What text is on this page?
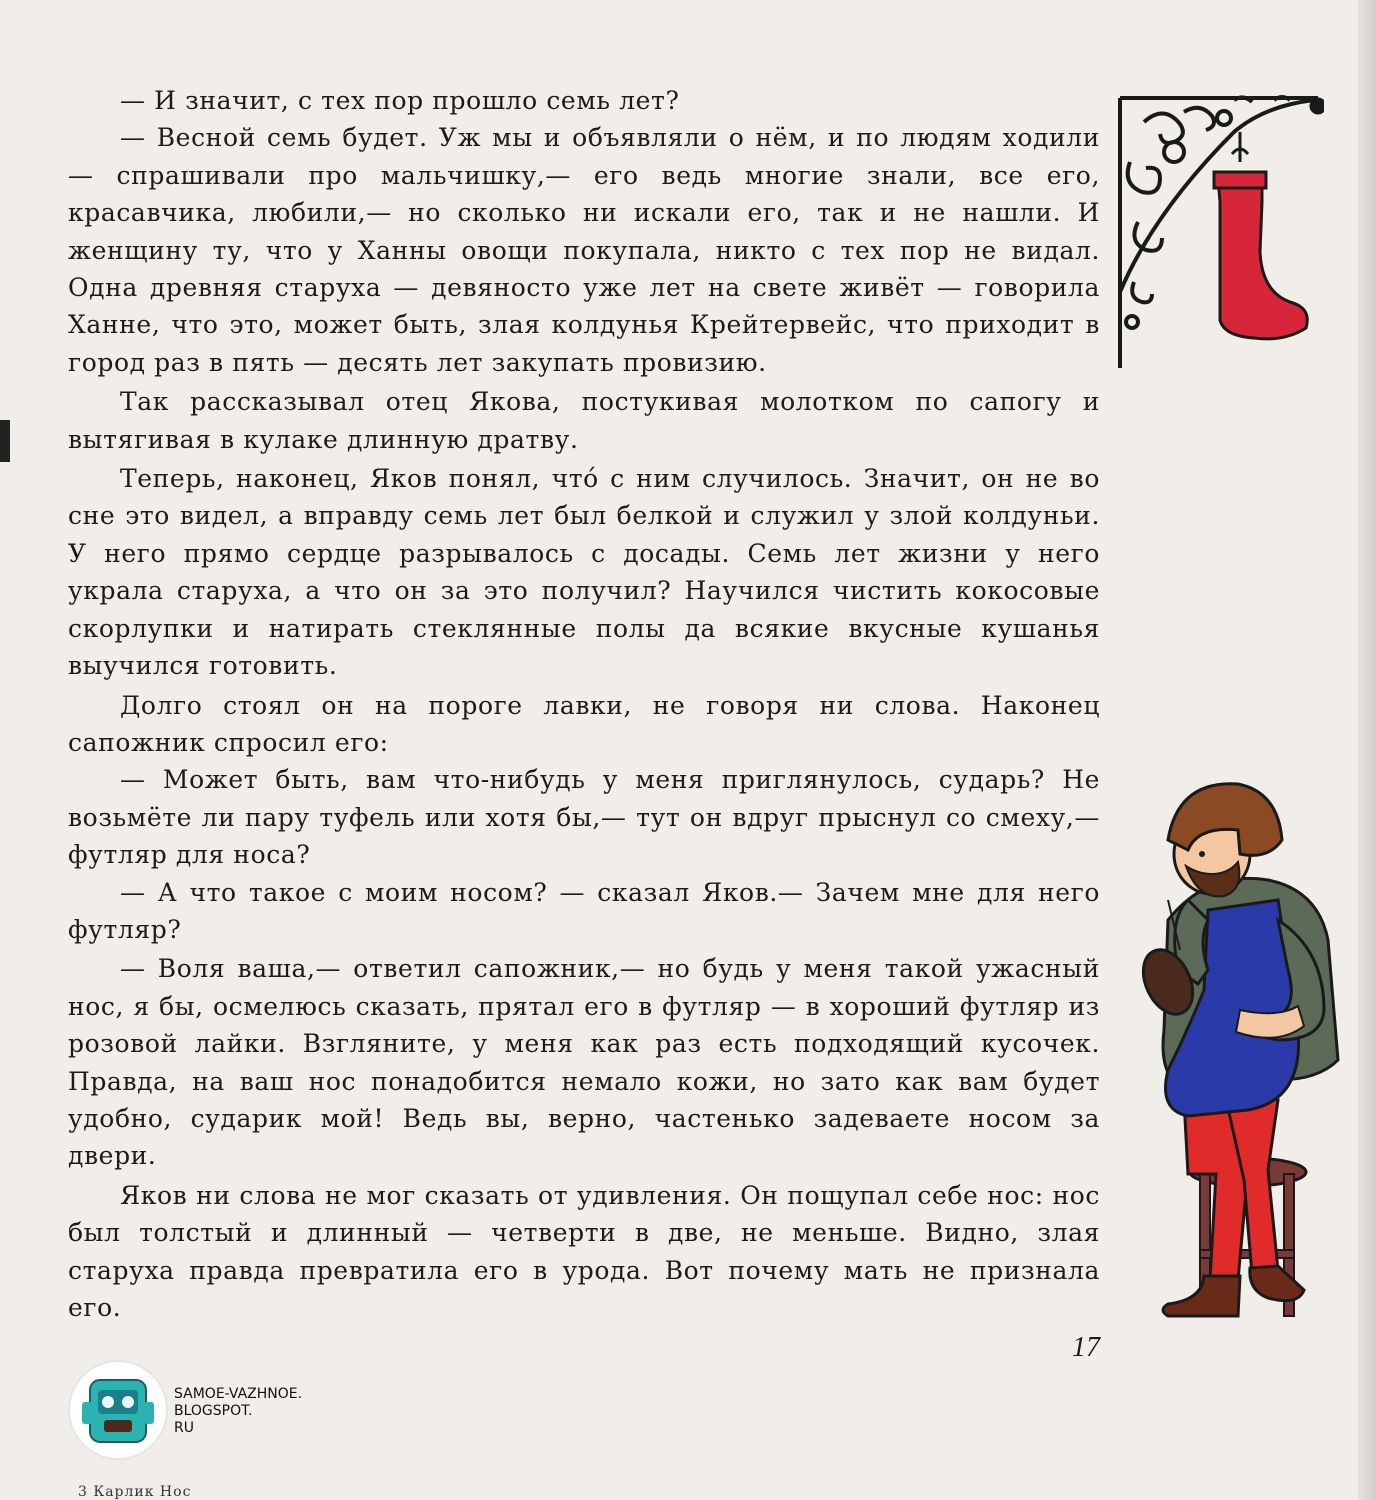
— И значит, с тех пор прошло семь лет?

— Весной семь будет. Уж мы и объявляли о нём, и по людям ходили — спрашивали про мальчишку,— его ведь многие знали, все его, красавчика, любили,— но сколько ни искали его, так и не нашли. И женщину ту, что у Ханны овощи покупала, никто с тех пор не видал. Одна древняя старуха — девяносто уже лет на свете живёт — говорила Ханне, что это, может быть, злая колдунья Крейтервейс, что приходит в город раз в пять — десять лет закупать провизию.

Так рассказывал отец Якова, постукивая молотком по сапогу и вытягивая в кулаке длинную дратву.

Теперь, наконец, Яков понял, что́ с ним случилось. Значит, он не во сне это видел, а вправду семь лет был белкой и служил у злой колдуньи. У него прямо сердце разрывалось с досады. Семь лет жизни у него украла старуха, а что он за это получил? Научился чистить кокосовые скорлупки и натирать стеклянные полы да всякие вкусные кушанья выучился готовить.

Долго стоял он на пороге лавки, не говоря ни слова. Наконец сапожник спросил его:

— Может быть, вам что-нибудь у меня приглянулось, сударь? Не возьмёте ли пару туфель или хотя бы,— тут он вдруг прыснул со смеху,— футляр для носа?

— А что такое с моим носом? — сказал Яков.— Зачем мне для него футляр?

— Воля ваша,— ответил сапожник,— но будь у меня такой ужасный нос, я бы, осмелюсь сказать, прятал его в футляр — в хороший футляр из розовой лайки. Взгляните, у меня как раз есть подходящий кусочек. Правда, на ваш нос понадобится немало кожи, но зато как вам будет удобно, сударик мой! Ведь вы, верно, частенько задеваете носом за двери.

Яков ни слова не мог сказать от удивления. Он пощупал себе нос: нос был толстый и длинный — четверти в две, не меньше. Видно, злая старуха правда превратила его в урода. Вот почему мать не признала его.

17
SAMOE-VAZHNOE.
BLOGSPOT.
RU
3 Карлик Нос
